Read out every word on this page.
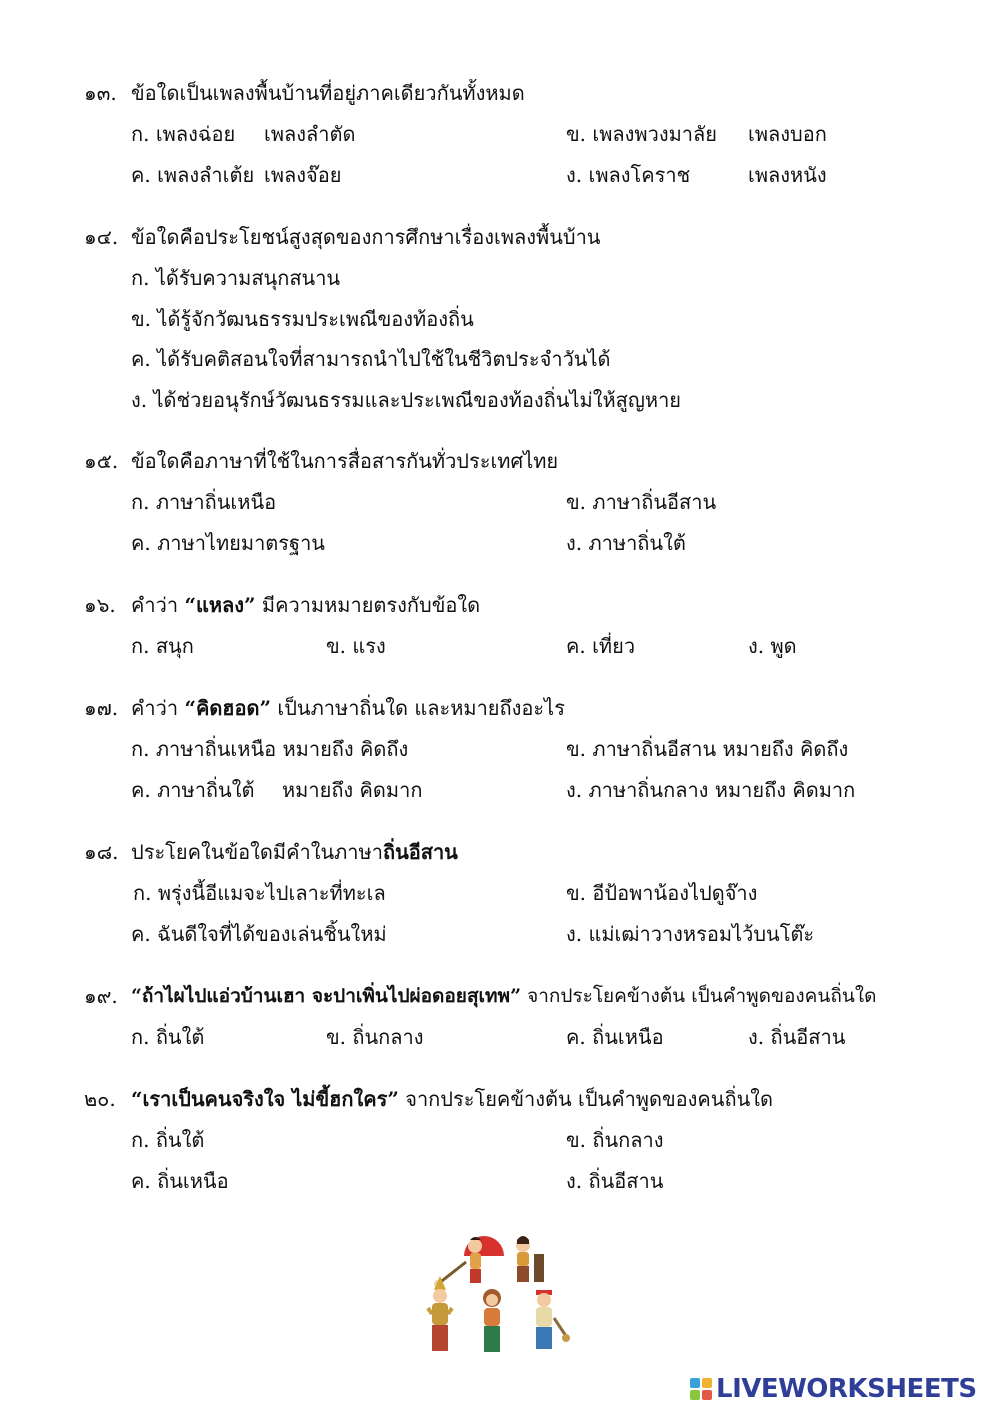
๑๓. ข้อใดเป็นเพลงพื้นบ้านที่อยู่ภาคเดียวกันทั้งหมด
ก. เพลงฉ่อย เพลงลำตัด	ข. เพลงพวงมาลัย เพลงบอก
ค. เพลงลำเต้ย เพลงจ๊อย	ง. เพลงโคราช	เพลงหนัง
๑๔. ข้อใดคือประโยชน์สูงสุดของการศึกษาเรื่องเพลงพื้นบ้าน
ก. ได้รับความสนุกสนาน
ข. ได้รู้จักวัฒนธรรมประเพณีของท้องถิ่น
ค. ได้รับคติสอนใจที่สามารถนำไปใช้ในชีวิตประจำวันได้
ง. ได้ช่วยอนุรักษ์วัฒนธรรมและประเพณีของท้องถิ่นไม่ให้สูญหาย
๑๕. ข้อใดคือภาษาที่ใช้ในการสื่อสารกันทั่วประเทศไทย
ก. ภาษาถิ่นเหนือ	ข. ภาษาถิ่นอีสาน
ค. ภาษาไทยมาตรฐาน	ง. ภาษาถิ่นใต้
๑๖. คำว่า “แหลง” มีความหมายตรงกับข้อใด
ก. สนุก	ข. แรง	ค. เที่ยว	ง. พูด
๑๗. คำว่า “คิดฮอด” เป็นภาษาถิ่นใด และหมายถึงอะไร
ก. ภาษาถิ่นเหนือ หมายถึง คิดถึง	ข. ภาษาถิ่นอีสาน หมายถึง คิดถึง
ค. ภาษาถิ่นใต้ หมายถึง คิดมาก	ง. ภาษาถิ่นกลาง หมายถึง คิดมาก
๑๘. ประโยคในข้อใดมีคำในภาษาถิ่นอีสาน
ก. พรุ่งนี้อีแมจะไปเลาะที่ทะเล	ข. อีป้อพาน้องไปดูจ๊าง
ค. ฉันดีใจที่ได้ของเล่นชิ้นใหม่	ง. แม่เฒ่าวางหรอมไว้บนโต๊ะ
๑๙. “ถ้าไผไปแอ่วบ้านเฮา จะปาเพิ่นไปผ่อดอยสุเทพ” จากประโยคข้างต้น เป็นคำพูดของคนถิ่นใด
ก. ถิ่นใต้	ข. ถิ่นกลาง	ค. ถิ่นเหนือ	ง. ถิ่นอีสาน
๒๐. “เราเป็นคนจริงใจ ไม่ขี้ฮกใคร” จากประโยคข้างต้น เป็นคำพูดของคนถิ่นใด
ก. ถิ่นใต้	ข. ถิ่นกลาง
ค. ถิ่นเหนือ	ง. ถิ่นอีสาน
LIVEWORKSHEETS
